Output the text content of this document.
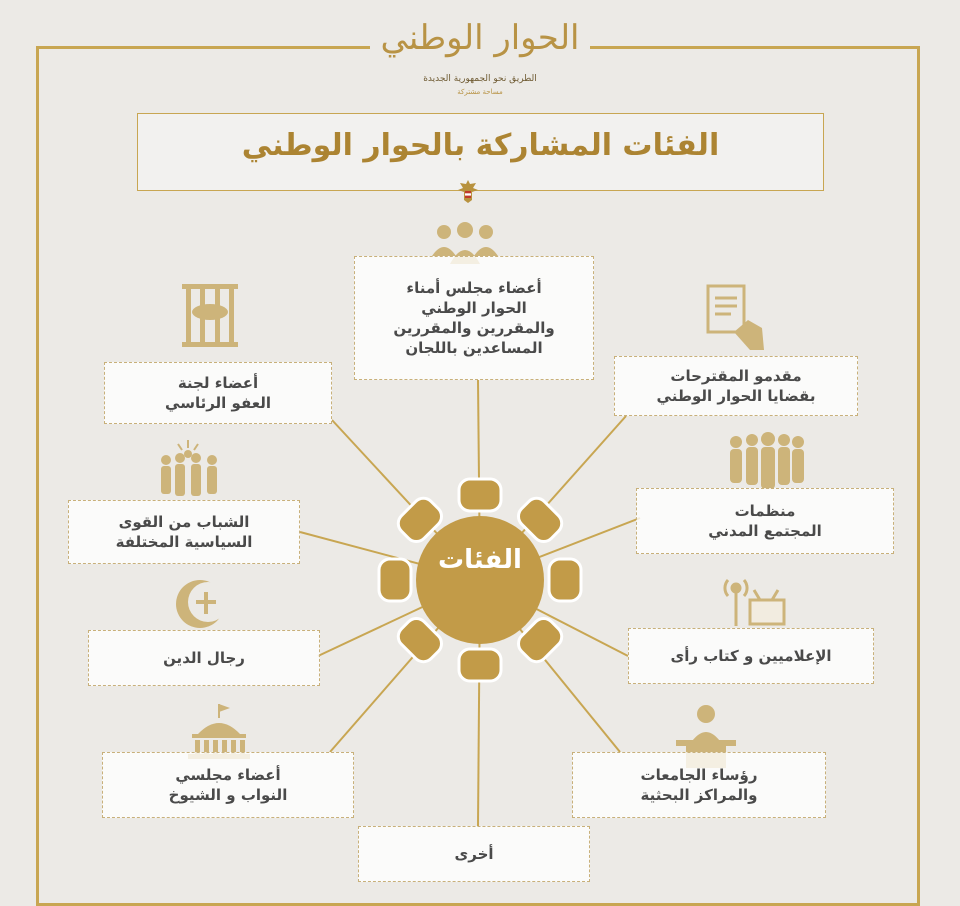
الحوار الوطني
الطريق نحو الجمهورية الجديدة
مساحة مشتركة
الفئات المشاركة بالحوار الوطني
الفئات
أعضاء مجلس أمناء
الحوار الوطني
والمقررين والمقررين
المساعدين باللجان
مقدمو المقترحات
بقضايا الحوار الوطني
منظمات
المجتمع المدني
الإعلاميين و كتاب رأى
رؤساء الجامعات
والمراكز البحثية
أخرى
أعضاء مجلسي
النواب و الشيوخ
رجال الدين
الشباب من القوى
السياسية المختلفة
أعضاء لجنة
العفو الرئاسي
